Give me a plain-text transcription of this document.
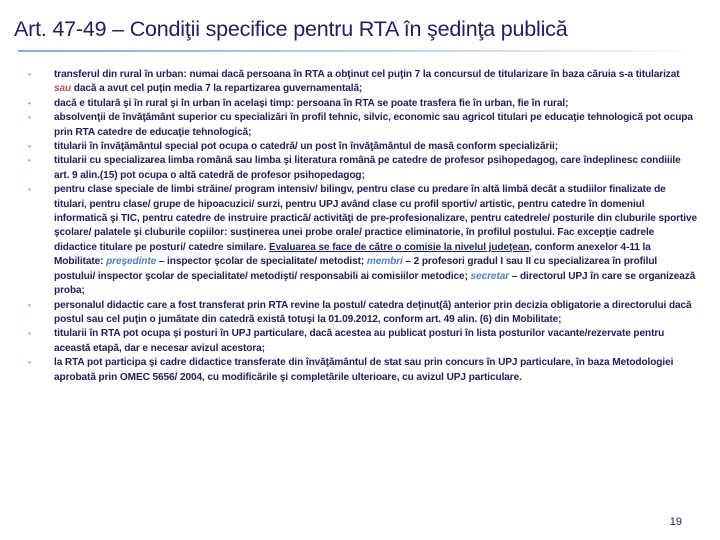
Art. 47-49 – Condiţii specifice pentru RTA în şedinţa publică
•	transferul din rural în urban: numai dacă persoana în RTA a obţinut cel puţin 7 la concursul de titularizare în baza căruia s-a titularizat sau dacă a avut cel puţin media 7 la repartizarea guvernamentală;
•	dacă e titulară şi în rural şi în urban în acelaşi timp: persoana în RTA se poate trasfera fie în urban, fie în rural;
•	absolvenţii de învăţământ superior cu specializări în profil tehnic, silvic, economic sau agricol titulari pe educaţie tehnologică pot ocupa prin RTA catedre de educaţie tehnologică;
•	titularii în învăţământul special pot ocupa o catedră/ un post în învăţământul de masă conform specializării;
•	titularii cu specializarea limba română sau limba şi literatura română pe catedre de profesor psihopedagog, care îndeplinesc condiiile art. 9 alin.(15) pot ocupa o altă catedră de profesor psihopedagog;
•	pentru clase speciale de limbi străine/ program intensiv/ bilingv, pentru clase cu predare în altă limbă decât a studiilor finalizate de titulari, pentru clase/ grupe de hipoacuzici/ surzi, pentru UPJ având clase cu profil sportiv/ artistic, pentru catedre în domeniul informatică şi TIC, pentru catedre de instruire practică/ activităţi de pre-profesionalizare, pentru catedrele/ posturile din cluburile sportive şcolare/ palatele şi cluburile copiilor: susţinerea unei probe orale/ practice eliminatorie, în profilul postului. Fac excepţie cadrele didactice titulare pe posturi/ catedre similare. Evaluarea se face de către o comisie la nivelul judeţean, conform anexelor 4-11 la Mobilitate: preşedinte – inspector şcolar de specialitate/ metodist; membri – 2 profesori gradul I sau II cu specializarea în profilul postului/ inspector şcolar de specialitate/ metodişti/ responsabili ai comisiilor metodice; secretar – directorul UPJ în care se organizează proba;
•	personalul didactic care a fost transferat prin RTA revine la postul/ catedra deţinut(ă) anterior prin decizia obligatorie a directorului dacă postul sau cel puţin o jumătate din catedră există totuşi la 01.09.2012, conform art. 49 alin. (6) din Mobilitate;
•	titularii în RTA pot ocupa şi posturi în UPJ particulare, dacă acestea au publicat posturi în lista posturilor vacante/rezervate pentru această etapă, dar e necesar avizul acestora;
•	la RTA pot participa şi cadre didactice transferate din învăţământul de stat sau prin concurs în UPJ particulare, în baza Metodologiei aprobată prin OMEC 5656/ 2004, cu modificările şi completările ulterioare, cu avizul UPJ particulare.
19
